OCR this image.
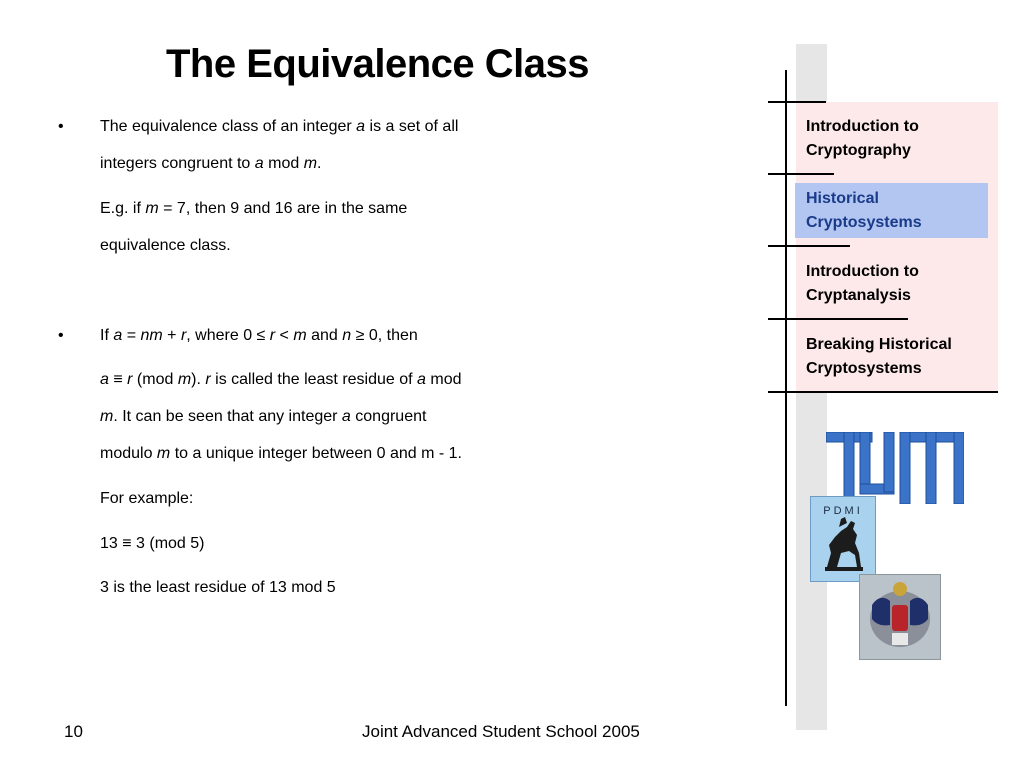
Introduction to
Cryptography
Historical
Cryptosystems
Introduction to
Cryptanalysis
Breaking Historical
Cryptosystems
PDMI
The Equivalence Class
•	The equivalence class of an integer a is a set of all
integers congruent to a mod m.
E.g. if m = 7, then 9 and 16 are in the same
equivalence class.
•	If a = nm + r, where 0 ≤ r < m and n ≥ 0, then
a ≡ r (mod m). r is called the least residue of a mod
m. It can be seen that any integer a congruent
modulo m to a unique integer between 0 and m - 1.
For example:
13 ≡ 3 (mod 5)
3 is the least residue of 13 mod 5
10	Joint Advanced Student School 2005
